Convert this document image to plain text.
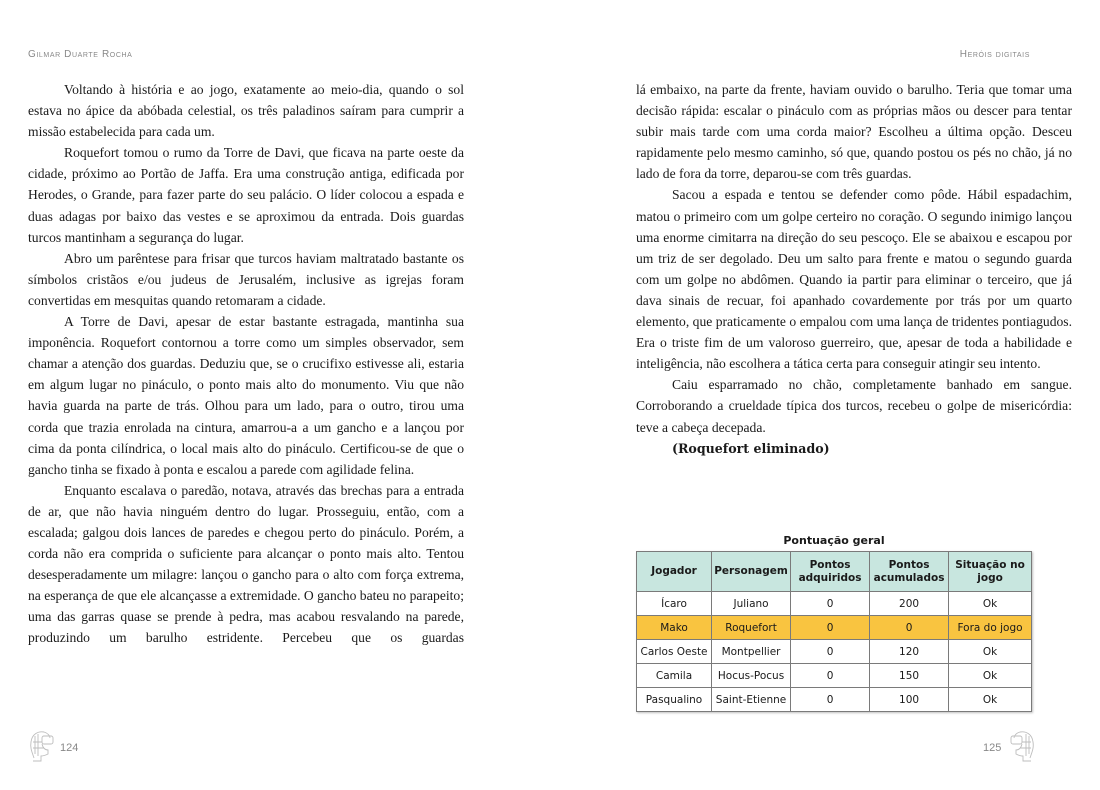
Gilmar Duarte Rocha

Voltando à história e ao jogo, exatamente ao meio-dia, quando o sol estava no ápice da abóbada celestial, os três paladinos saíram para cumprir a missão estabelecida para cada um.

Roquefort tomou o rumo da Torre de Davi, que ficava na parte oeste da cidade, próximo ao Portão de Jaffa. Era uma construção antiga, edificada por Herodes, o Grande, para fazer parte do seu palácio. O líder colocou a espada e duas adagas por baixo das vestes e se aproximou da entrada. Dois guardas turcos mantinham a segurança do lugar.

Abro um parêntese para frisar que turcos haviam maltratado bastante os símbolos cristãos e/ou judeus de Jerusalém, inclusive as igrejas foram convertidas em mesquitas quando retomaram a cidade.

A Torre de Davi, apesar de estar bastante estragada, mantinha sua imponência. Roquefort contornou a torre como um simples observador, sem chamar a atenção dos guardas. Deduziu que, se o crucifixo estivesse ali, estaria em algum lugar no pináculo, o ponto mais alto do monumento. Viu que não havia guarda na parte de trás. Olhou para um lado, para o outro, tirou uma corda que trazia enrolada na cintura, amarrou-a a um gancho e a lançou por cima da ponta cilíndrica, o local mais alto do pináculo. Certificou-se de que o gancho tinha se fixado à ponta e escalou a parede com agilidade felina.

Enquanto escalava o paredão, notava, através das brechas para a entrada de ar, que não havia ninguém dentro do lugar. Prosseguiu, então, com a escalada; galgou dois lances de paredes e chegou perto do pináculo. Porém, a corda não era comprida o suficiente para alcançar o ponto mais alto. Tentou desesperadamente um milagre: lançou o gancho para o alto com força extrema, na esperança de que ele alcançasse a extremidade. O gancho bateu no parapeito; uma das garras quase se prende à pedra, mas acabou resvalando na parede, produzindo um barulho estridente. Percebeu que os guardas

124
Heróis digitais

lá embaixo, na parte da frente, haviam ouvido o barulho. Teria que tomar uma decisão rápida: escalar o pináculo com as próprias mãos ou descer para tentar subir mais tarde com uma corda maior? Escolheu a última opção. Desceu rapidamente pelo mesmo caminho, só que, quando postou os pés no chão, já no lado de fora da torre, deparou-se com três guardas.

Sacou a espada e tentou se defender como pôde. Hábil espadachim, matou o primeiro com um golpe certeiro no coração. O segundo inimigo lançou uma enorme cimitarra na direção do seu pescoço. Ele se abaixou e escapou por um triz de ser degolado. Deu um salto para frente e matou o segundo guarda com um golpe no abdômen. Quando ia partir para eliminar o terceiro, que já dava sinais de recuar, foi apanhado covardemente por trás por um quarto elemento, que praticamente o empalou com uma lança de tridentes pontiagudos. Era o triste fim de um valoroso guerreiro, que, apesar de toda a habilidade e inteligência, não escolhera a tática certa para conseguir atingir seu intento.

Caiu esparramado no chão, completamente banhado em sangue. Corroborando a crueldade típica dos turcos, recebeu o golpe de misericórdia: teve a cabeça decepada.

(Roquefort eliminado)

Pontuação geral
Jogador	Personagem	Pontos adquiridos	Pontos acumulados	Situação no jogo
Ícaro	Juliano	0	200	Ok
Mako	Roquefort	0	0	Fora do jogo
Carlos Oeste	Montpellier	0	120	Ok
Camila	Hocus-Pocus	0	150	Ok
Pasqualino	Saint-Etienne	0	100	Ok
125
